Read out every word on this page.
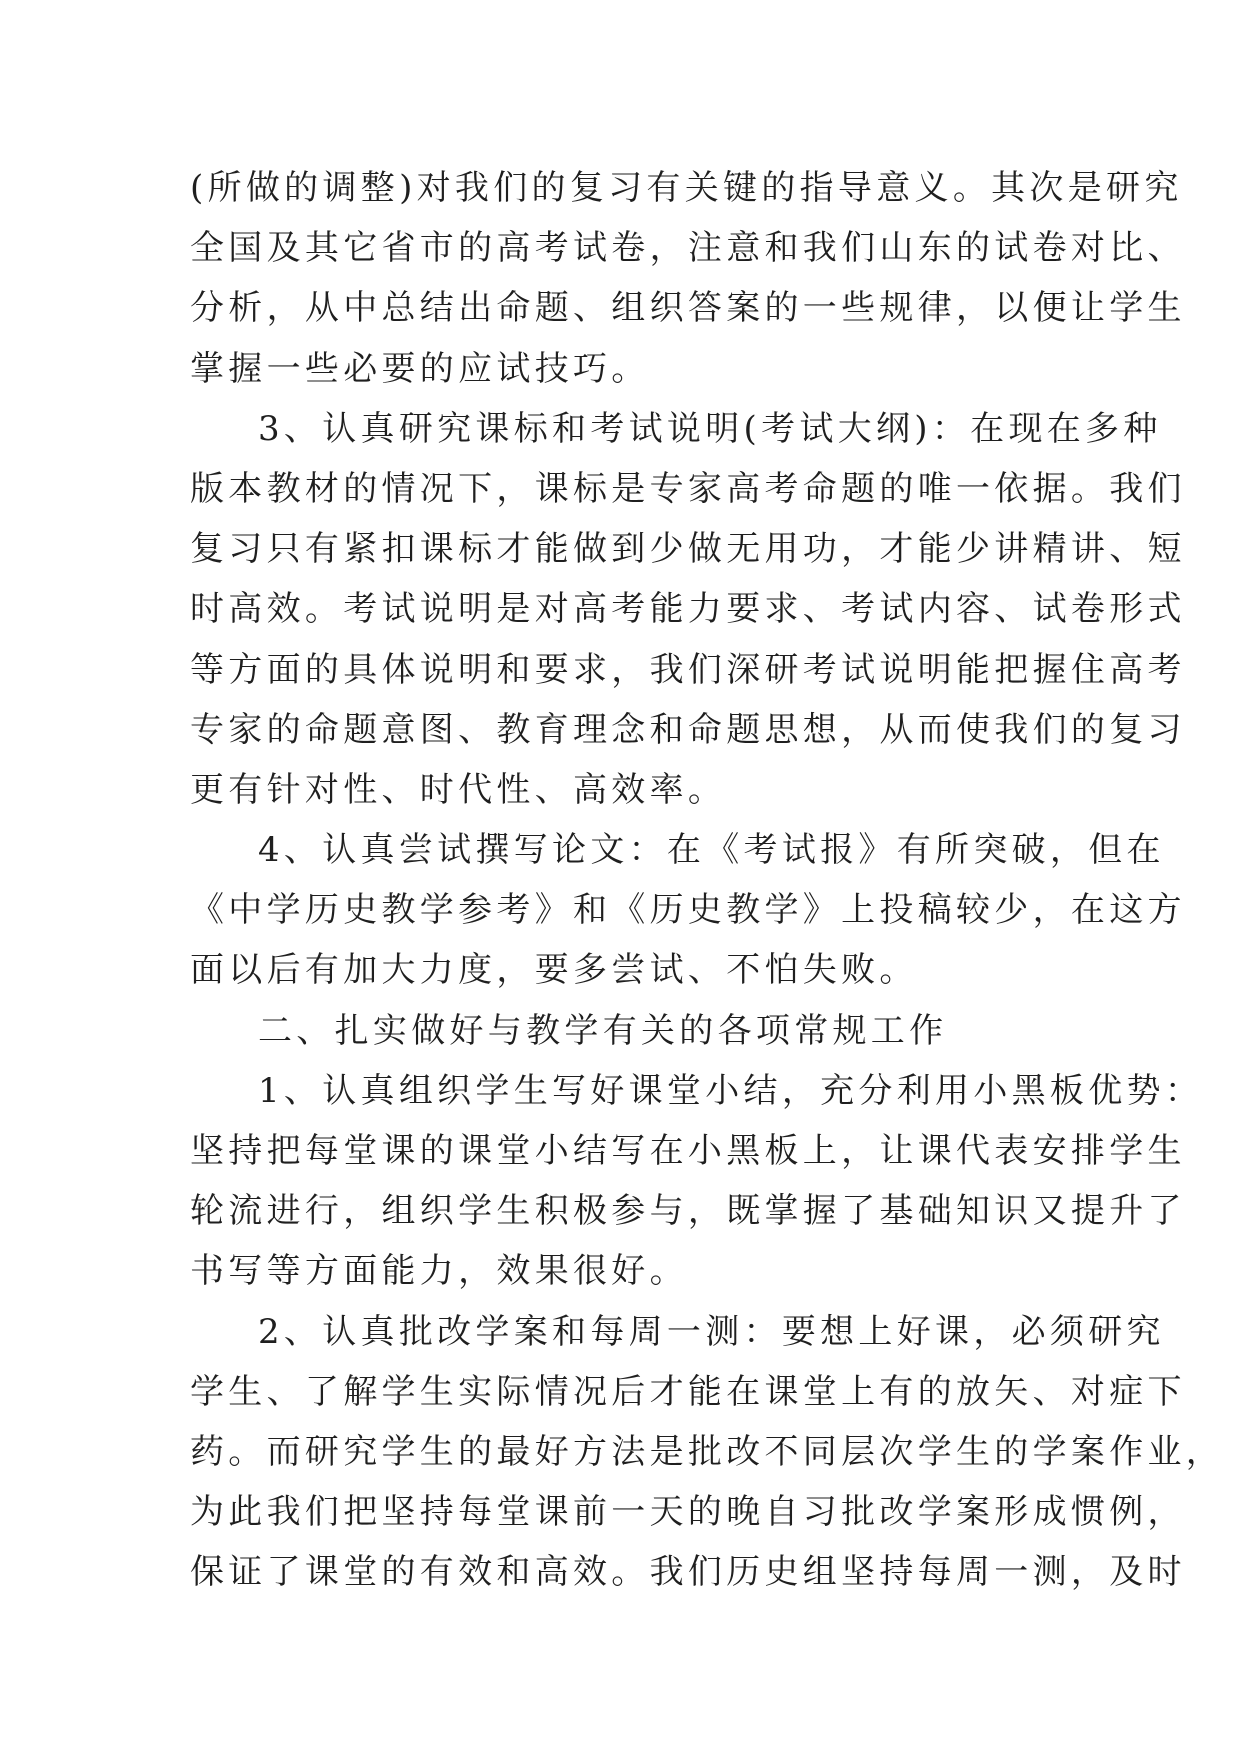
(所做的调整)对我们的复习有关键的指导意义。其次是研究
全国及其它省市的高考试卷，注意和我们山东的试卷对比、
分析，从中总结出命题、组织答案的一些规律，以便让学生
掌握一些必要的应试技巧。
3、认真研究课标和考试说明(考试大纲)：在现在多种
版本教材的情况下，课标是专家高考命题的唯一依据。我们
复习只有紧扣课标才能做到少做无用功，才能少讲精讲、短
时高效。考试说明是对高考能力要求、考试内容、试卷形式
等方面的具体说明和要求，我们深研考试说明能把握住高考
专家的命题意图、教育理念和命题思想，从而使我们的复习
更有针对性、时代性、高效率。
4、认真尝试撰写论文：在《考试报》有所突破，但在
《中学历史教学参考》和《历史教学》上投稿较少，在这方
面以后有加大力度，要多尝试、不怕失败。
二、扎实做好与教学有关的各项常规工作
1、认真组织学生写好课堂小结，充分利用小黑板优势：
坚持把每堂课的课堂小结写在小黑板上，让课代表安排学生
轮流进行，组织学生积极参与，既掌握了基础知识又提升了
书写等方面能力，效果很好。
2、认真批改学案和每周一测：要想上好课，必须研究
学生、了解学生实际情况后才能在课堂上有的放矢、对症下
药。而研究学生的最好方法是批改不同层次学生的学案作业，
为此我们把坚持每堂课前一天的晚自习批改学案形成惯例，
保证了课堂的有效和高效。我们历史组坚持每周一测，及时
